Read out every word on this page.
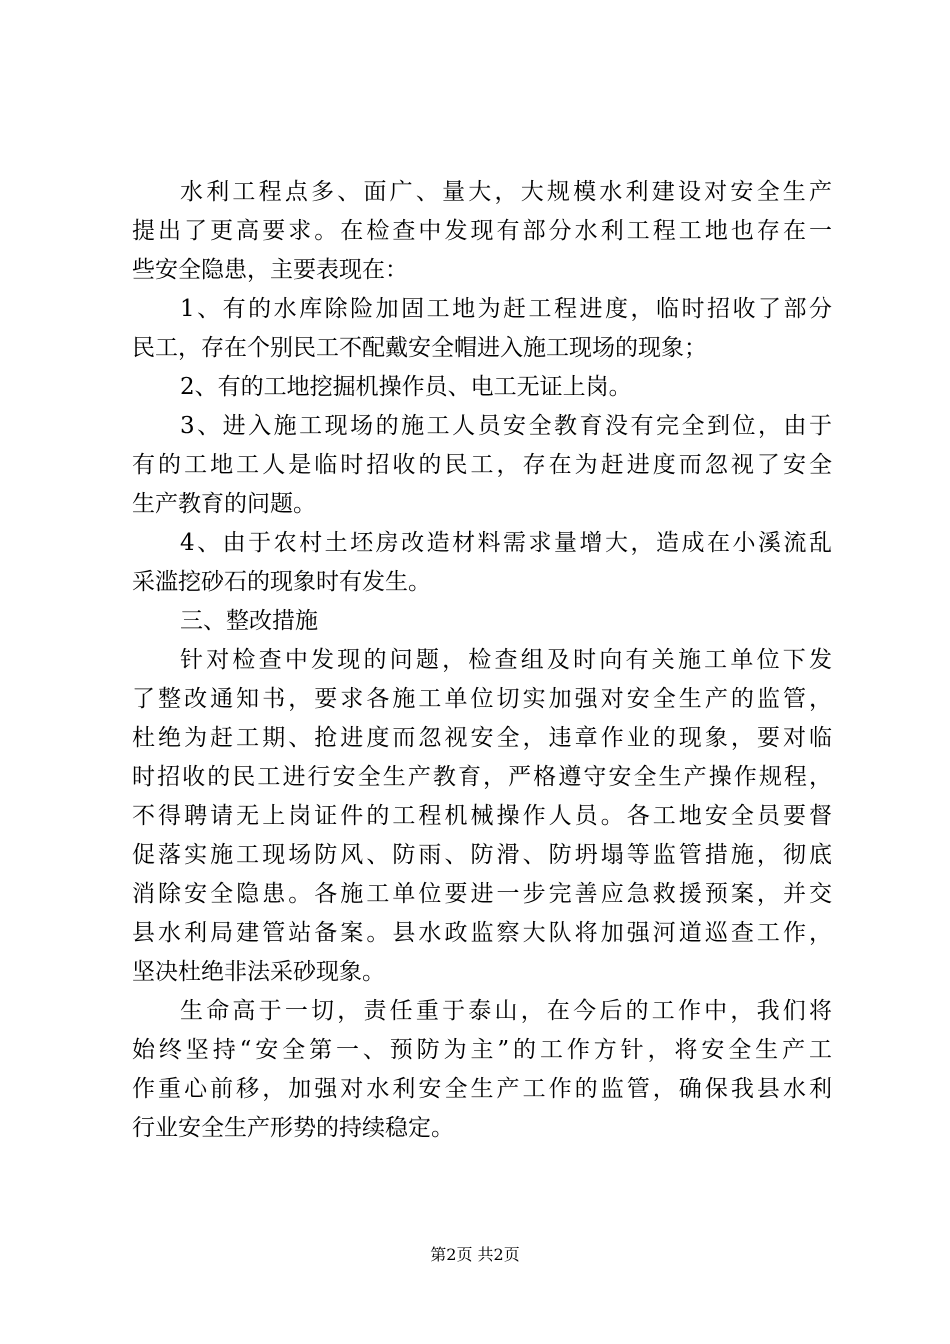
水利工程点多、面广、量大，大规模水利建设对安全生产
提出了更高要求。在检查中发现有部分水利工程工地也存在一
些安全隐患，主要表现在：
1、有的水库除险加固工地为赶工程进度，临时招收了部分
民工，存在个别民工不配戴安全帽进入施工现场的现象；
2、有的工地挖掘机操作员、电工无证上岗。
3、进入施工现场的施工人员安全教育没有完全到位，由于
有的工地工人是临时招收的民工，存在为赶进度而忽视了安全
生产教育的问题。
4、由于农村土坯房改造材料需求量增大，造成在小溪流乱
采滥挖砂石的现象时有发生。
三、整改措施
针对检查中发现的问题，检查组及时向有关施工单位下发
了整改通知书，要求各施工单位切实加强对安全生产的监管，
杜绝为赶工期、抢进度而忽视安全，违章作业的现象，要对临
时招收的民工进行安全生产教育，严格遵守安全生产操作规程，
不得聘请无上岗证件的工程机械操作人员。各工地安全员要督
促落实施工现场防风、防雨、防滑、防坍塌等监管措施，彻底
消除安全隐患。各施工单位要进一步完善应急救援预案，并交
县水利局建管站备案。县水政监察大队将加强河道巡查工作，
坚决杜绝非法采砂现象。
生命高于一切，责任重于泰山，在今后的工作中，我们将
始终坚持“安全第一、预防为主”的工作方针，将安全生产工
作重心前移，加强对水利安全生产工作的监管，确保我县水利
行业安全生产形势的持续稳定。
第2页 共2页
